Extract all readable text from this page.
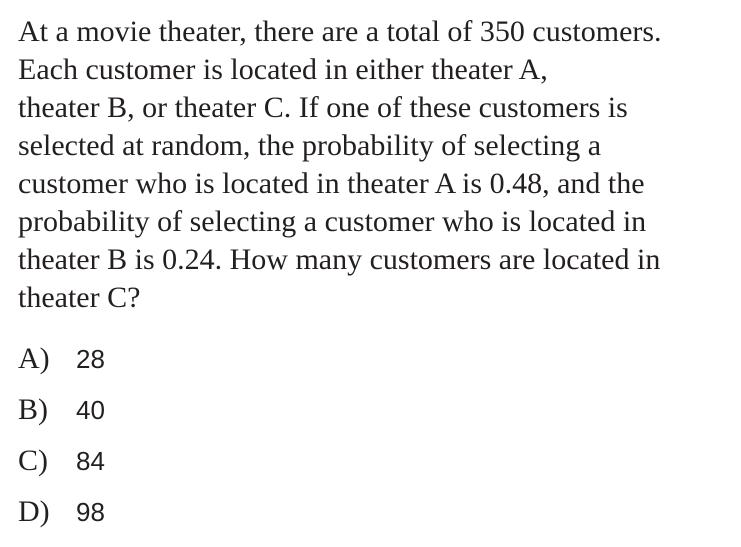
At a movie theater, there are a total of 350 customers.
Each customer is located in either theater A,
theater B, or theater C. If one of these customers is
selected at random, the probability of selecting a
customer who is located in theater A is 0.48, and the
probability of selecting a customer who is located in
theater B is 0.24. How many customers are located in
theater C?
A)	28
B)	40
C)	84
D)	98
